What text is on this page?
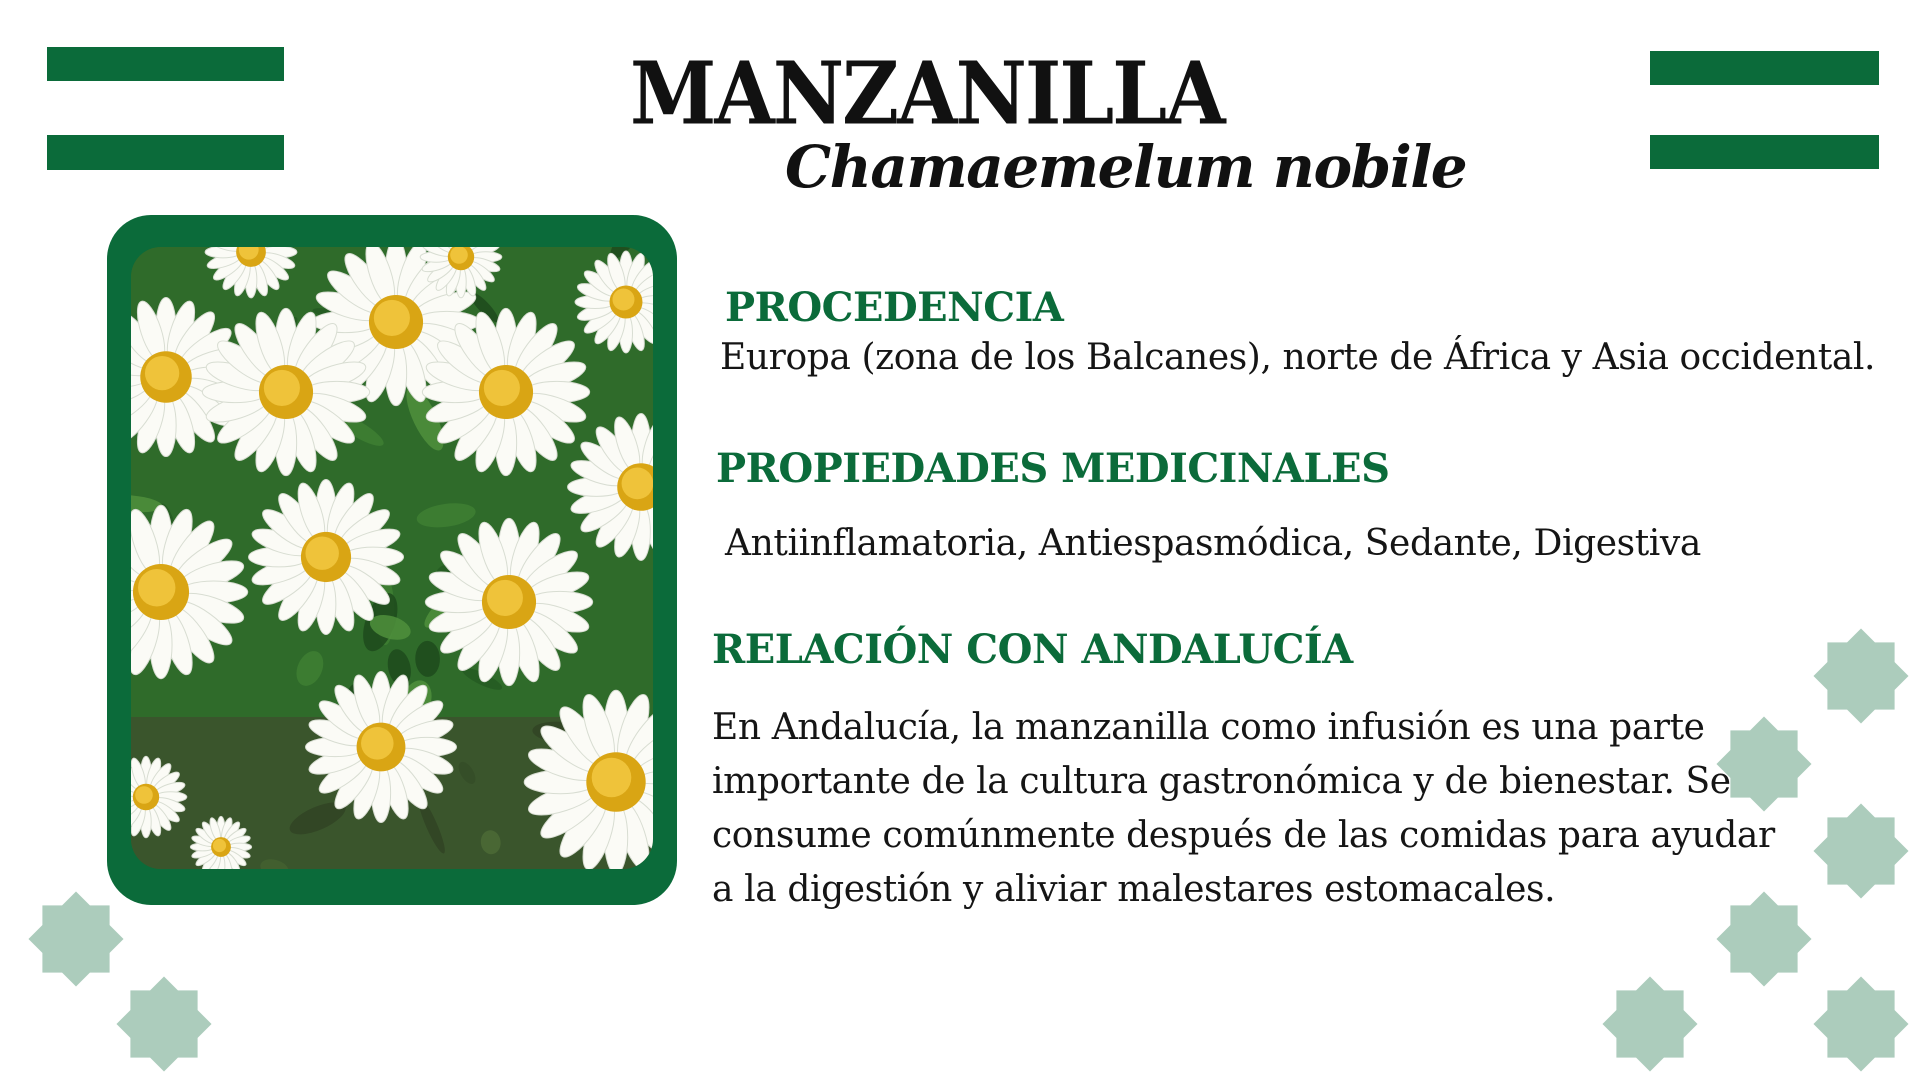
MANZANILLA
Chamaemelum nobile
PROCEDENCIA

Europa (zona de los Balcanes), norte de África y Asia occidental.

PROPIEDADES MEDICINALES

Antiinflamatoria, Antiespasmódica, Sedante, Digestiva

RELACIÓN CON ANDALUCÍA

En Andalucía, la manzanilla como infusión es una parte

importante de la cultura gastronómica y de bienestar. Se

consume comúnmente después de las comidas para ayudar

a la digestión y aliviar malestares estomacales.
